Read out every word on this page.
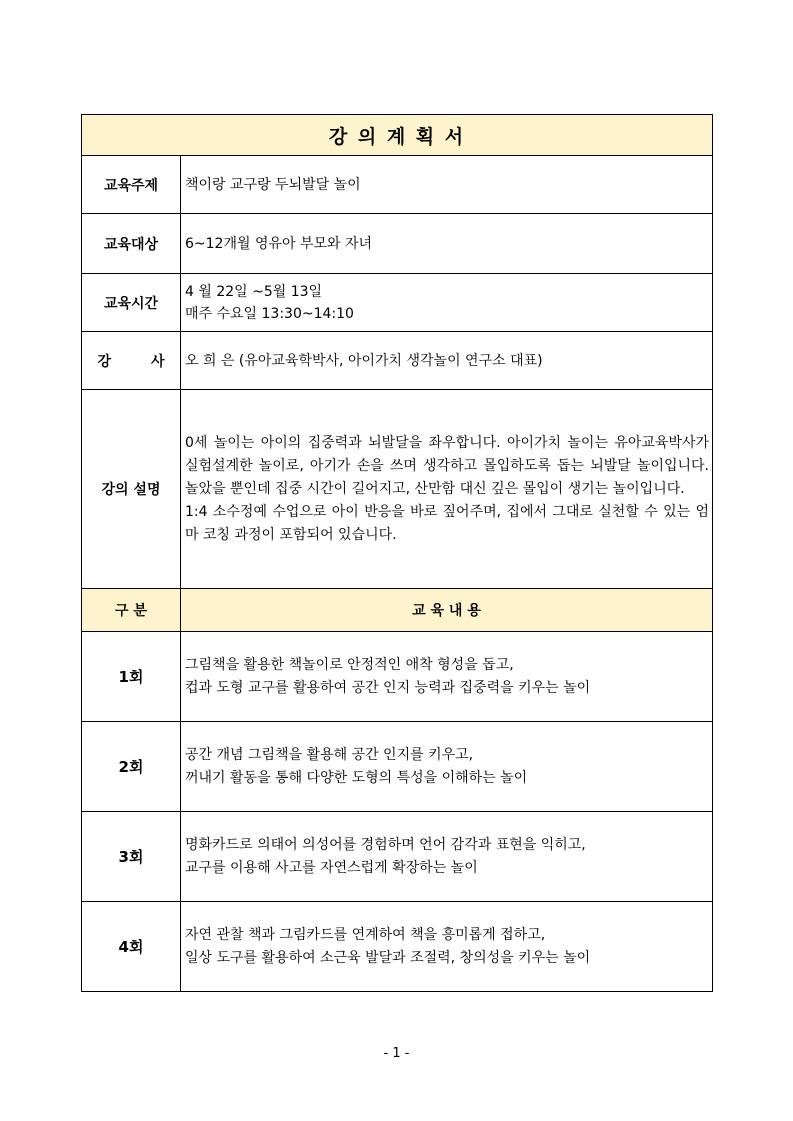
강 의 계 획 서	
교육주제	책이랑 교구랑 두뇌발달 놀이
교육대상	6~12개월 영유아 부모와 자녀
교육시간	4 월 22일 ~5월 13일
매주 수요일 13:30~14:10

강 사	오 희 은 (유아교육학박사, 아이가치 생각놀이 연구소 대표)
강의 설명	0세 놀이는 아이의 집중력과 뇌발달을 좌우합니다. 아이가치 놀이는 유아교육박사가 실험설계한 놀이로, 아기가 손을 쓰며 생각하고 몰입하도록 돕는 뇌발달 놀이입니다. 놀았을 뿐인데 집중 시간이 길어지고, 산만함 대신 깊은 몰입이 생기는 놀이입니다.

1:4 소수정예 수업으로 아이 반응을 바로 짚어주며, 집에서 그대로 실천할 수 있는 엄마 코칭 과정이 포함되어 있습니다.

구 분	교 육 내 용
1회	그림책을 활용한 책놀이로 안정적인 애착 형성을 돕고,

컵과 도형 교구를 활용하여 공간 인지 능력과 집중력을 키우는 놀이

2회	공간 개념 그림책을 활용해 공간 인지를 키우고,

꺼내기 활동을 통해 다양한 도형의 특성을 이해하는 놀이

3회	명화카드로 의태어 의성어를 경험하며 언어 감각과 표현을 익히고,

교구를 이용해 사고를 자연스럽게 확장하는 놀이

4회	자연 관찰 책과 그림카드를 연계하여 책을 흥미롭게 접하고,

일상 도구를 활용하여 소근육 발달과 조절력, 창의성을 키우는 놀이

- 1 -
